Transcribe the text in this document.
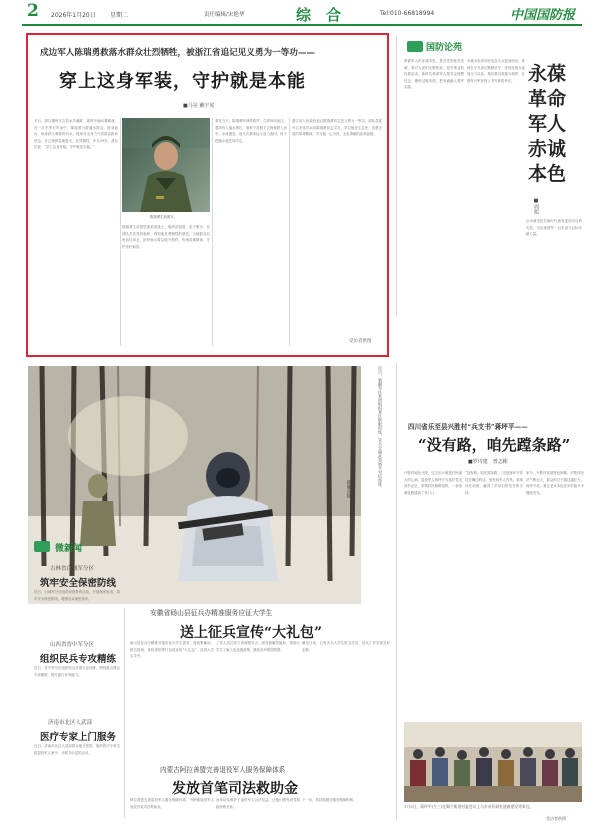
2 2026年1月20日 星期二	责任编辑/宋艳华	综　合	Tel:010-66818994	中国国防报
戍边军人陈瑞勇救落水群众壮烈牺牲，被浙江省追记见义勇为一等功——
穿上这身军装，守护就是本能
■马昊 戴宇虎
冬日，浙江湖州安吉县水乡溪畔，寒风中涌动着暖意。在一次冬季行军途中，陈瑞勇为救落水群众，挺身而出，纵身跃入刺骨的河水。他用尽全身力气将群众推向岸边，自己却被急流卷走，壮烈牺牲，年仅29岁。战友们说：“穿上这身军装，守护就是本能。”
陈瑞勇生前照片。
陈瑞勇生前是驻浙某部战士。他热爱祖国，忠于职守，在部队多次受到表彰。得知他英勇牺牲的消息，当地群众自发前往悼念，纷纷表示要以他为榜样，传承英雄精神，守护美好家园。
事发当天，陈瑞勇听到呼救声，立即冲向河边。看到有人落水挣扎，他来不及脱下衣物便跃入河中。水流湍急，他几次被冲远又奋力游回，终于把落水者托向岸边。
浙江省人民政府追记陈瑞勇同志见义勇为一等功。部队党委号召全体官兵向陈瑞勇同志学习，学习他舍生忘死、英勇无畏的革命精神，学习他一心为民、无私奉献的崇高品格。
受访者供图
国防论苑
永葆
革命
军人
赤诚
本色
■周彪
革命军人的赤诚本色，是对党的绝对忠诚，是对人民的无限热爱，是对事业的执着追求。新时代革命军人要坚定理想信念，锤炼过硬本领，把赤诚融入强军实践。
赤诚本色体现在危急关头挺身而出，体现在平凡岗位默默坚守，体现在练兵备战全力以赴。我们要以英雄为榜样，在强军兴军征程上书写新的荣光。
让赤诚本色在新时代焕发更加夺目的光彩，为实现建军一百年奋斗目标贡献力量。
近日，新疆军区某团组织寒区极限训练，官兵全副武装展开对抗演练。
陈耀东摄
四川省乐至县兴胜村“兵支书”蒋坪平——
“没有路，咱先蹚条路”
■罗诗建　曾志彬
兴胜村地处丘陵，过去出行难是村民最大的心病。退役军人蒋坪平当选村党支部书记后，带领村民修路架桥，一条条硬化路通到了家门口。
“没有路，咱先蹚条路。”这是蒋坪平常挂在嘴边的话。他发扬军人作风，事事冲在前面，赢得了乡亲们的信任和支持。
如今，兴胜村发展特色种植，村集体经济不断壮大，群众的日子越过越红火。蒋坪平说，要让老兵本色在乡村振兴中继续发光。
1月5日，蒋坪平(左三)在蜀宁街道村委会议上与乡亲们研究道路建设等事宜。
受访者供图
微新闻
吉林省白城军分区
筑牢安全保密防线
近日，白城军分区组织保密教育活动，开展保密检查，筑牢安全保密防线，增强官兵保密意识。
山西省晋中军分区
组织民兵专攻精练
近日，晋中军分区组织民兵开展专业训练，围绕重点课目专攻精练，提升遂行任务能力。
济南市北区人武部
医疗专家上门服务
近日，济南市北区人武部联合地方医院，组织医疗专家走进退役军人家中，开展义诊送医活动。
安徽省砀山县征兵办精准服务应征大学生
送上征兵宣传“大礼包”
砀山县征兵办精准对接应征大学生需求，将政策解读、报名指南、体检须知等打包成宣传“大礼包”，送到大学生手中。
工作人员还设立咨询服务点，面对面解答疑问，帮助大学生了解入伍优惠政策，激发参军报国热情。
截至目前，已有多名大学生报名应征，征兵工作呈现良好态势。
内蒙古阿拉善盟完善退役军人服务保障体系
发放首笔司法救助金
阿拉善盟完善退役军人服务保障体系，为困难退役军人发放首笔司法救助金。
此举切实维护了退役军人合法权益，让他们感受到党和政府的关怀。
下一步，将持续健全服务保障机制。
